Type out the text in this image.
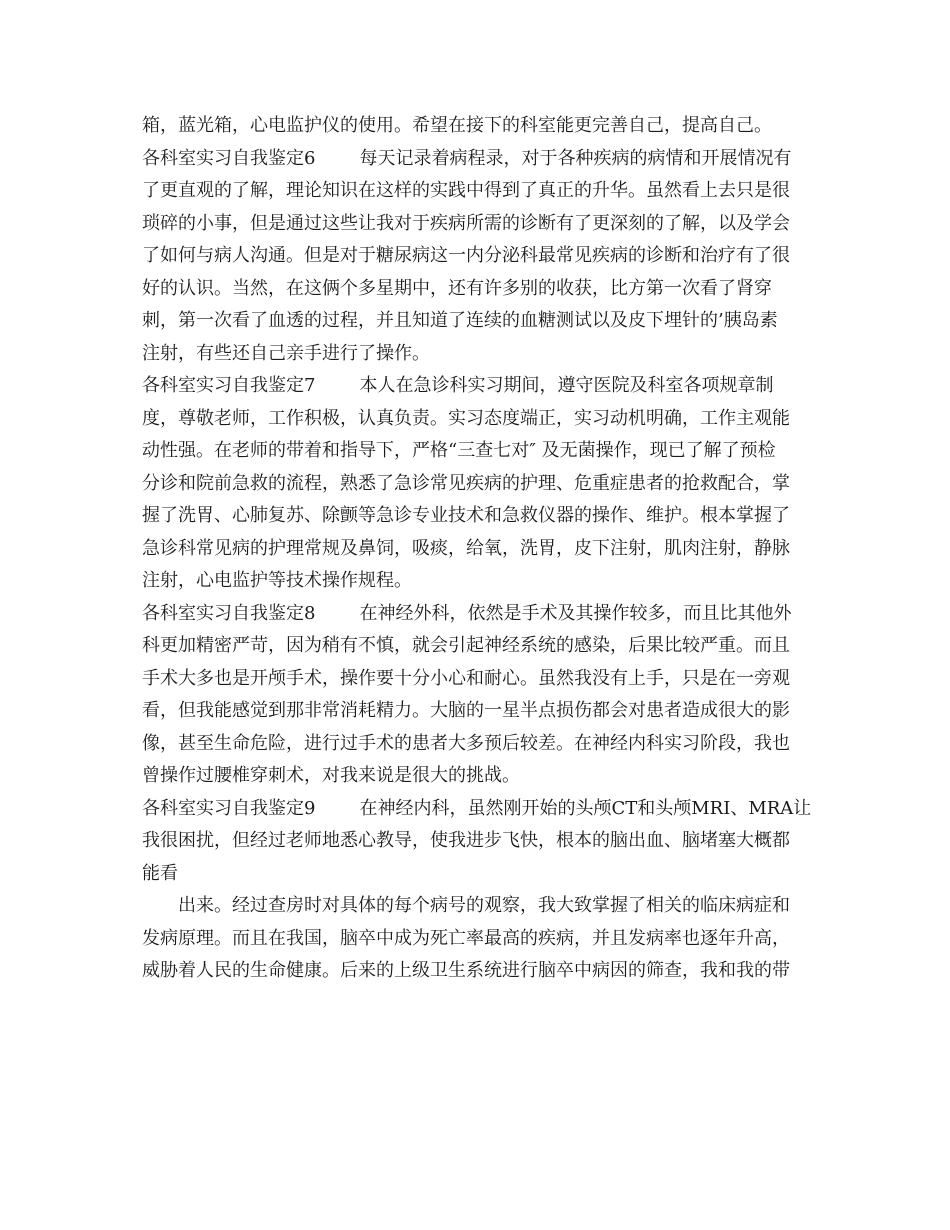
箱，蓝光箱，心电监护仪的使用。希望在接下的科室能更完善自己，提高自己。
各科室实习自我鉴定6 每天记录着病程录，对于各种疾病的病情和开展情况有
了更直观的了解，理论知识在这样的实践中得到了真正的升华。虽然看上去只是很
琐碎的小事，但是通过这些让我对于疾病所需的诊断有了更深刻的了解，以及学会
了如何与病人沟通。但是对于糖尿病这一内分泌科最常见疾病的诊断和治疗有了很
好的认识。当然，在这俩个多星期中，还有许多别的收获，比方第一次看了肾穿
刺，第一次看了血透的过程，并且知道了连续的血糖测试以及皮下埋针的’胰岛素
注射，有些还自己亲手进行了操作。
各科室实习自我鉴定7 本人在急诊科实习期间，遵守医院及科室各项规章制
度，尊敬老师，工作积极，认真负责。实习态度端正，实习动机明确，工作主观能
动性强。在老师的带着和指导下，严格“三查七对″ 及无菌操作，现已了解了预检
分诊和院前急救的流程，熟悉了急诊常见疾病的护理、危重症患者的抢救配合，掌
握了洗胃、心肺复苏、除颤等急诊专业技术和急救仪器的操作、维护。根本掌握了
急诊科常见病的护理常规及鼻饲，吸痰，给氧，洗胃，皮下注射，肌肉注射，静脉
注射，心电监护等技术操作规程。
各科室实习自我鉴定8 在神经外科，依然是手术及其操作较多，而且比其他外
科更加精密严苛，因为稍有不慎，就会引起神经系统的感染，后果比较严重。而且
手术大多也是开颅手术，操作要十分小心和耐心。虽然我没有上手，只是在一旁观
看，但我能感觉到那非常消耗精力。大脑的一星半点损伤都会对患者造成很大的影
像，甚至生命危险，进行过手术的患者大多预后较差。在神经内科实习阶段，我也
曾操作过腰椎穿刺术，对我来说是很大的挑战。
各科室实习自我鉴定9 在神经内科，虽然刚开始的头颅CT和头颅MRI、MRA让
我很困扰，但经过老师地悉心教导，使我进步飞快，根本的脑出血、脑堵塞大概都
能看
出来。经过查房时对具体的每个病号的观察，我大致掌握了相关的临床病症和
发病原理。而且在我国，脑卒中成为死亡率最高的疾病，并且发病率也逐年升高，
威胁着人民的生命健康。后来的上级卫生系统进行脑卒中病因的筛查，我和我的带
